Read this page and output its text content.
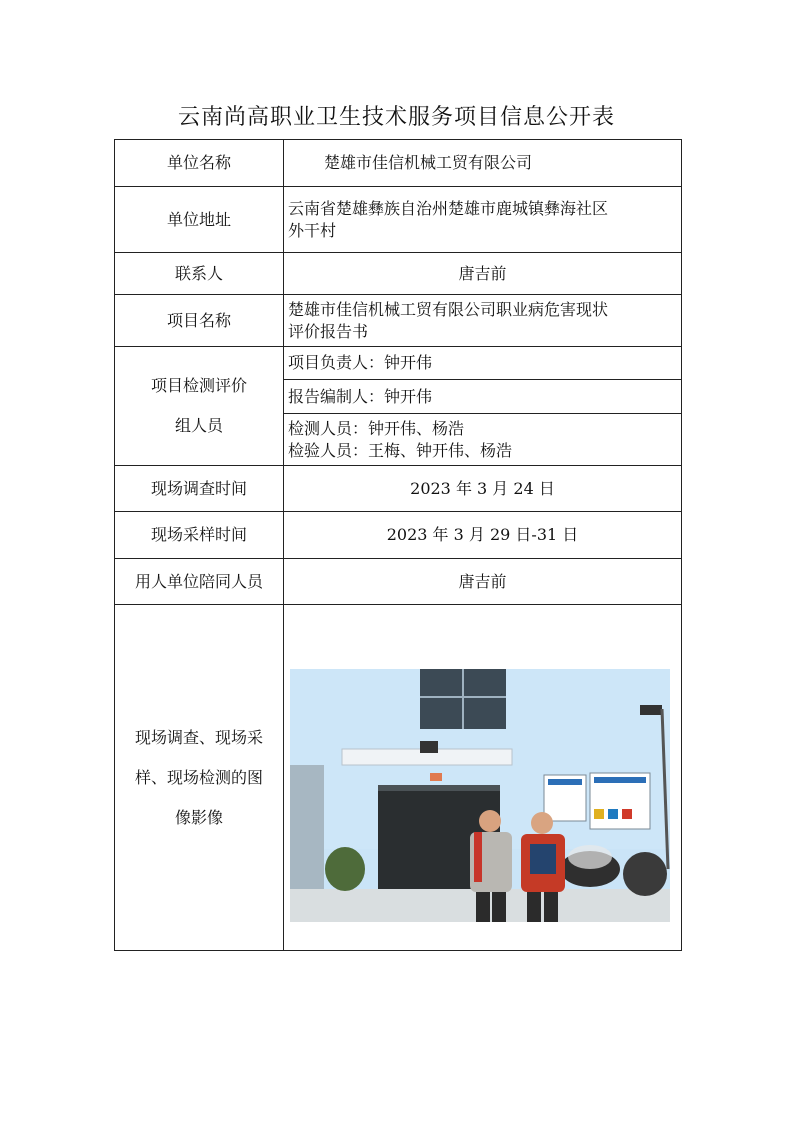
云南尚高职业卫生技术服务项目信息公开表
单位名称	楚雄市佳信机械工贸有限公司
单位地址	云南省楚雄彝族自治州楚雄市鹿城镇彝海社区
外干村

联系人	唐吉前
项目名称	楚雄市佳信机械工贸有限公司职业病危害现状
评价报告书

项目检测评价
组人员	项目负责人：钟开伟
	报告编制人：钟开伟

	检测人员：钟开伟、杨浩
检验人员：王梅、钟开伟、杨浩

现场调查时间	2023 年 3 月 24 日
现场采样时间	2023 年 3 月 29 日-31 日
用人单位陪同人员	唐吉前

现场调查、现场采
样、现场检测的图
像影像
